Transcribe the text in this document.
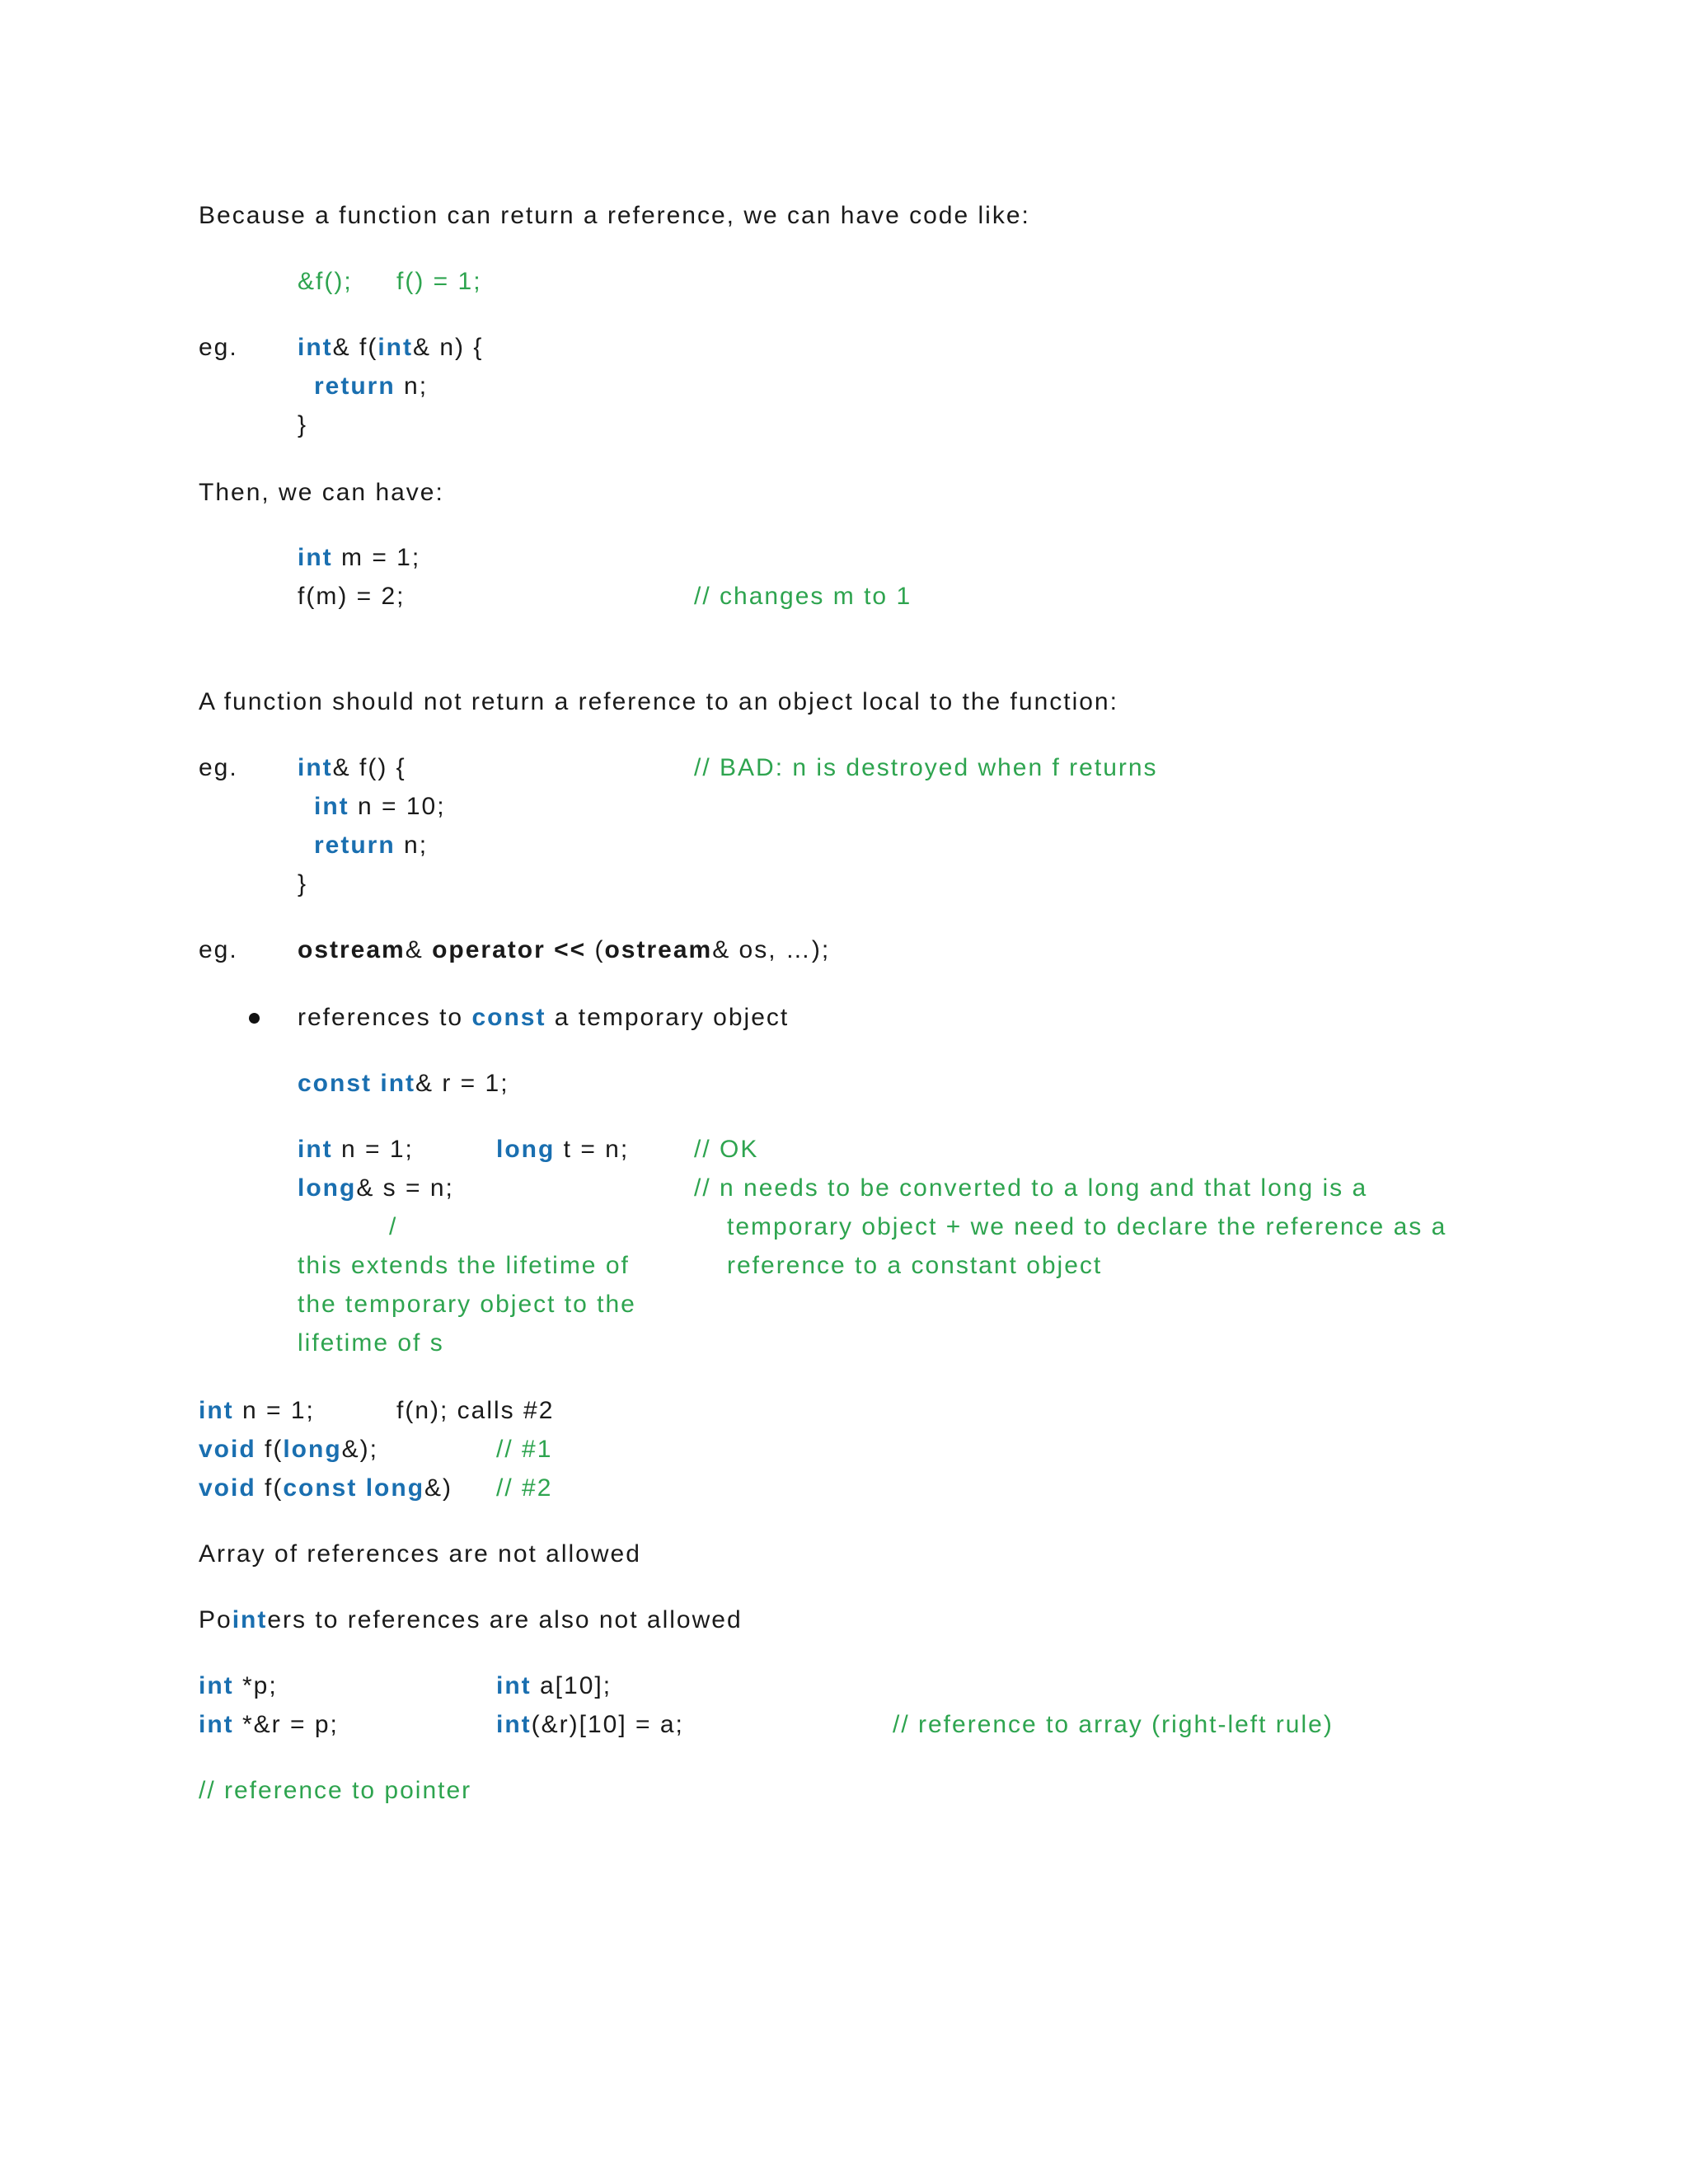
Because a function can return a reference, we can have code like:
&f(); f() = 1;
eg. int& f(int& n) {
return n;
}
Then, we can have:
int m = 1;
f(m) = 2;	// changes m to 1
A function should not return a reference to an object local to the function:
eg. int& f() {	// BAD: n is destroyed when f returns
int n = 10;
return n;
}
eg. ostream& operator << (ostream& os, …);
references to const a temporary object
const int& r = 1;
int n = 1;	long t = n;	// OK
long& s = n;	// n needs to be converted to a long and that long is a
/	temporary object + we need to declare the reference as a
this extends the lifetime of	reference to a constant object
the temporary object to the
lifetime of s
int n = 1;	f(n); calls #2
void f(long&);	// #1
void f(const long&) // #2
Array of references are not allowed
Pointers to references are also not allowed
int *p;	int a[10];
int *&r = p;	int(&r)[10] = a;	// reference to array (right-left rule)
// reference to pointer
